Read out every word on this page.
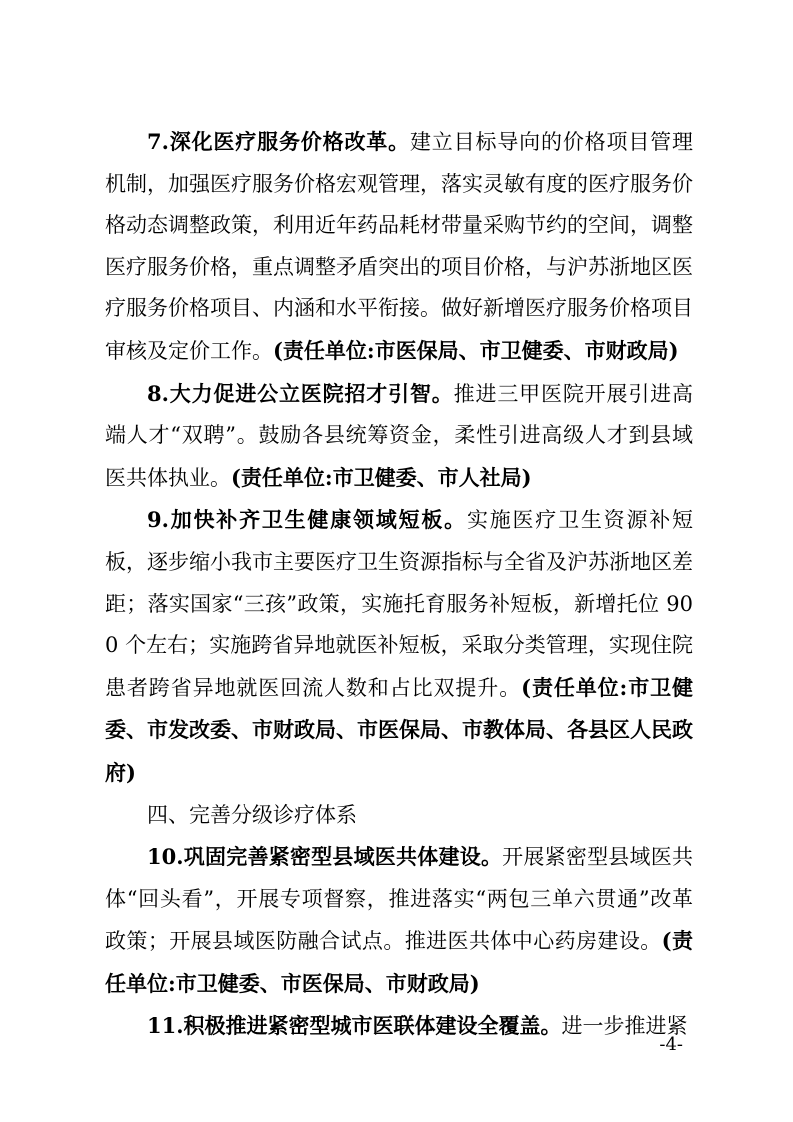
7.深化医疗服务价格改革。建立目标导向的价格项目管理机制，加强医疗服务价格宏观管理，落实灵敏有度的医疗服务价格动态调整政策，利用近年药品耗材带量采购节约的空间，调整医疗服务价格，重点调整矛盾突出的项目价格，与沪苏浙地区医疗服务价格项目、内涵和水平衔接。做好新增医疗服务价格项目审核及定价工作。(责任单位:市医保局、市卫健委、市财政局)

8.大力促进公立医院招才引智。推进三甲医院开展引进高端人才“双聘”。鼓励各县统筹资金，柔性引进高级人才到县域医共体执业。(责任单位:市卫健委、市人社局)

9.加快补齐卫生健康领域短板。实施医疗卫生资源补短板，逐步缩小我市主要医疗卫生资源指标与全省及沪苏浙地区差距；落实国家“三孩”政策，实施托育服务补短板，新增托位 900 个左右；实施跨省异地就医补短板，采取分类管理，实现住院患者跨省异地就医回流人数和占比双提升。(责任单位:市卫健委、市发改委、市财政局、市医保局、市教体局、各县区人民政府)

四、完善分级诊疗体系

10.巩固完善紧密型县域医共体建设。开展紧密型县域医共体“回头看”，开展专项督察，推进落实“两包三单六贯通”改革政策；开展县域医防融合试点。推进医共体中心药房建设。(责任单位:市卫健委、市医保局、市财政局)

11.积极推进紧密型城市医联体建设全覆盖。进一步推进紧

-4-
